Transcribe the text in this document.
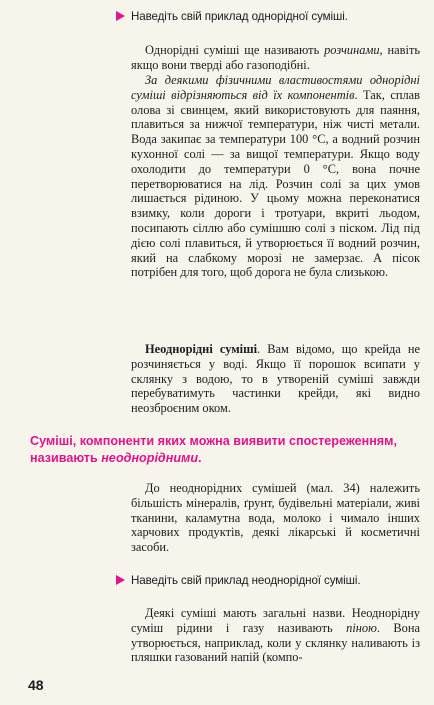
Наведіть свій приклад однорідної суміші.

Однорідні суміші ще називають розчинами, навіть якщо вони тверді або газоподібні.

За деякими фізичними властивостями однорідні суміші відрізняються від їх компонентів. Так, сплав олова зі свинцем, який використовують для паяння, плавиться за нижчої температури, ніж чисті метали. Вода закипає за температури 100 °C, а водний розчин кухонної солі — за вищої температури. Якщо воду охолодити до температури 0 °C, вона почне перетворюватися на лід. Розчин солі за цих умов лишається рідиною. У цьому можна переконатися взимку, коли дороги і тротуари, вкриті льодом, посипають сіллю або сумішшю солі з піском. Лід під дією солі плавиться, й утворюється її водний розчин, який на слабкому морозі не замерзає. А пісок потрібен для того, щоб дорога не була слизькою.

Неоднорідні суміші. Вам відомо, що крейда не розчиняється у воді. Якщо її порошок всипати у склянку з водою, то в утвореній суміші завжди перебуватимуть частинки крейди, які видно неозброєним оком.

Суміші, компоненти яких можна виявити спостереженням, називають неоднорідними.

До неоднорідних сумішей (мал. 34) належить більшість мінералів, ґрунт, будівельні матеріали, живі тканини, каламутна вода, молоко і чимало інших харчових продуктів, деякі лікарські й косметичні засоби.

Наведіть свій приклад неоднорідної суміші.

Деякі суміші мають загальні назви. Неоднорідну суміш рідини і газу називають піною. Вона утворюється, наприклад, коли у склянку наливають із пляшки газований напій (компо-

48
